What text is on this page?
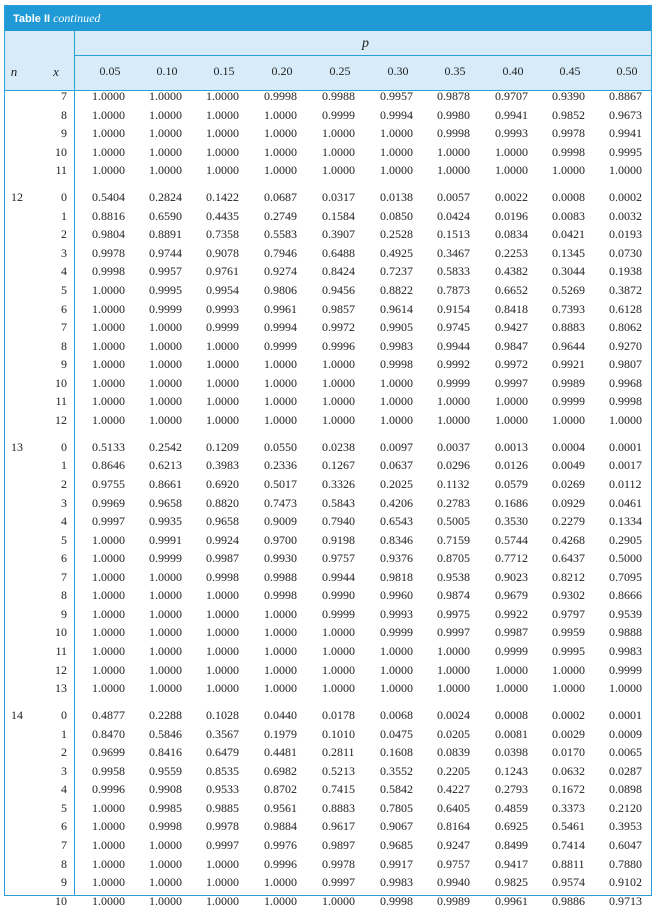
Table II continued
p
n	x	0.05	0.10	0.15	0.20	0.25	0.30	0.35	0.40	0.45	0.50
7 1.0000	1.0000	1.0000	0.9998	0.9988	0.9957	0.9878	0.9707	0.9390	0.8867
8 1.0000	1.0000	1.0000	1.0000	0.9999	0.9994	0.9980	0.9941	0.9852	0.9673
9 1.0000	1.0000	1.0000	1.0000	1.0000	1.0000	0.9998	0.9993	0.9978	0.9941
10 1.0000	1.0000	1.0000	1.0000	1.0000	1.0000	1.0000	1.0000	0.9998	0.9995
11 1.0000	1.0000	1.0000	1.0000	1.0000	1.0000	1.0000	1.0000	1.0000	1.0000
12	0 0.5404	0.2824	0.1422	0.0687	0.0317	0.0138	0.0057	0.0022	0.0008	0.0002
1 0.8816	0.6590	0.4435	0.2749	0.1584	0.0850	0.0424	0.0196	0.0083	0.0032
2 0.9804	0.8891	0.7358	0.5583	0.3907	0.2528	0.1513	0.0834	0.0421	0.0193
3 0.9978	0.9744	0.9078	0.7946	0.6488	0.4925	0.3467	0.2253	0.1345	0.0730
4 0.9998	0.9957	0.9761	0.9274	0.8424	0.7237	0.5833	0.4382	0.3044	0.1938
5 1.0000	0.9995	0.9954	0.9806	0.9456	0.8822	0.7873	0.6652	0.5269	0.3872
6 1.0000	0.9999	0.9993	0.9961	0.9857	0.9614	0.9154	0.8418	0.7393	0.6128
7 1.0000	1.0000	0.9999	0.9994	0.9972	0.9905	0.9745	0.9427	0.8883	0.8062
8 1.0000	1.0000	1.0000	0.9999	0.9996	0.9983	0.9944	0.9847	0.9644	0.9270
9 1.0000	1.0000	1.0000	1.0000	1.0000	0.9998	0.9992	0.9972	0.9921	0.9807
10 1.0000	1.0000	1.0000	1.0000	1.0000	1.0000	0.9999	0.9997	0.9989	0.9968
11 1.0000	1.0000	1.0000	1.0000	1.0000	1.0000	1.0000	1.0000	0.9999	0.9998
12 1.0000	1.0000	1.0000	1.0000	1.0000	1.0000	1.0000	1.0000	1.0000	1.0000
13	0 0.5133	0.2542	0.1209	0.0550	0.0238	0.0097	0.0037	0.0013	0.0004	0.0001
1 0.8646	0.6213	0.3983	0.2336	0.1267	0.0637	0.0296	0.0126	0.0049	0.0017
2 0.9755	0.8661	0.6920	0.5017	0.3326	0.2025	0.1132	0.0579	0.0269	0.0112
3 0.9969	0.9658	0.8820	0.7473	0.5843	0.4206	0.2783	0.1686	0.0929	0.0461
4 0.9997	0.9935	0.9658	0.9009	0.7940	0.6543	0.5005	0.3530	0.2279	0.1334
5 1.0000	0.9991	0.9924	0.9700	0.9198	0.8346	0.7159	0.5744	0.4268	0.2905
6 1.0000	0.9999	0.9987	0.9930	0.9757	0.9376	0.8705	0.7712	0.6437	0.5000
7 1.0000	1.0000	0.9998	0.9988	0.9944	0.9818	0.9538	0.9023	0.8212	0.7095
8 1.0000	1.0000	1.0000	0.9998	0.9990	0.9960	0.9874	0.9679	0.9302	0.8666
9 1.0000	1.0000	1.0000	1.0000	0.9999	0.9993	0.9975	0.9922	0.9797	0.9539
10 1.0000	1.0000	1.0000	1.0000	1.0000	0.9999	0.9997	0.9987	0.9959	0.9888
11 1.0000	1.0000	1.0000	1.0000	1.0000	1.0000	1.0000	0.9999	0.9995	0.9983
12 1.0000	1.0000	1.0000	1.0000	1.0000	1.0000	1.0000	1.0000	1.0000	0.9999
13 1.0000	1.0000	1.0000	1.0000	1.0000	1.0000	1.0000	1.0000	1.0000	1.0000
14	0 0.4877	0.2288	0.1028	0.0440	0.0178	0.0068	0.0024	0.0008	0.0002	0.0001
1 0.8470	0.5846	0.3567	0.1979	0.1010	0.0475	0.0205	0.0081	0.0029	0.0009
2 0.9699	0.8416	0.6479	0.4481	0.2811	0.1608	0.0839	0.0398	0.0170	0.0065
3 0.9958	0.9559	0.8535	0.6982	0.5213	0.3552	0.2205	0.1243	0.0632	0.0287
4 0.9996	0.9908	0.9533	0.8702	0.7415	0.5842	0.4227	0.2793	0.1672	0.0898
5 1.0000	0.9985	0.9885	0.9561	0.8883	0.7805	0.6405	0.4859	0.3373	0.2120
6 1.0000	0.9998	0.9978	0.9884	0.9617	0.9067	0.8164	0.6925	0.5461	0.3953
7 1.0000	1.0000	0.9997	0.9976	0.9897	0.9685	0.9247	0.8499	0.7414	0.6047
8 1.0000	1.0000	1.0000	0.9996	0.9978	0.9917	0.9757	0.9417	0.8811	0.7880
9 1.0000	1.0000	1.0000	1.0000	0.9997	0.9983	0.9940	0.9825	0.9574	0.9102
10 1.0000	1.0000	1.0000	1.0000	1.0000	0.9998	0.9989	0.9961	0.9886	0.9713
